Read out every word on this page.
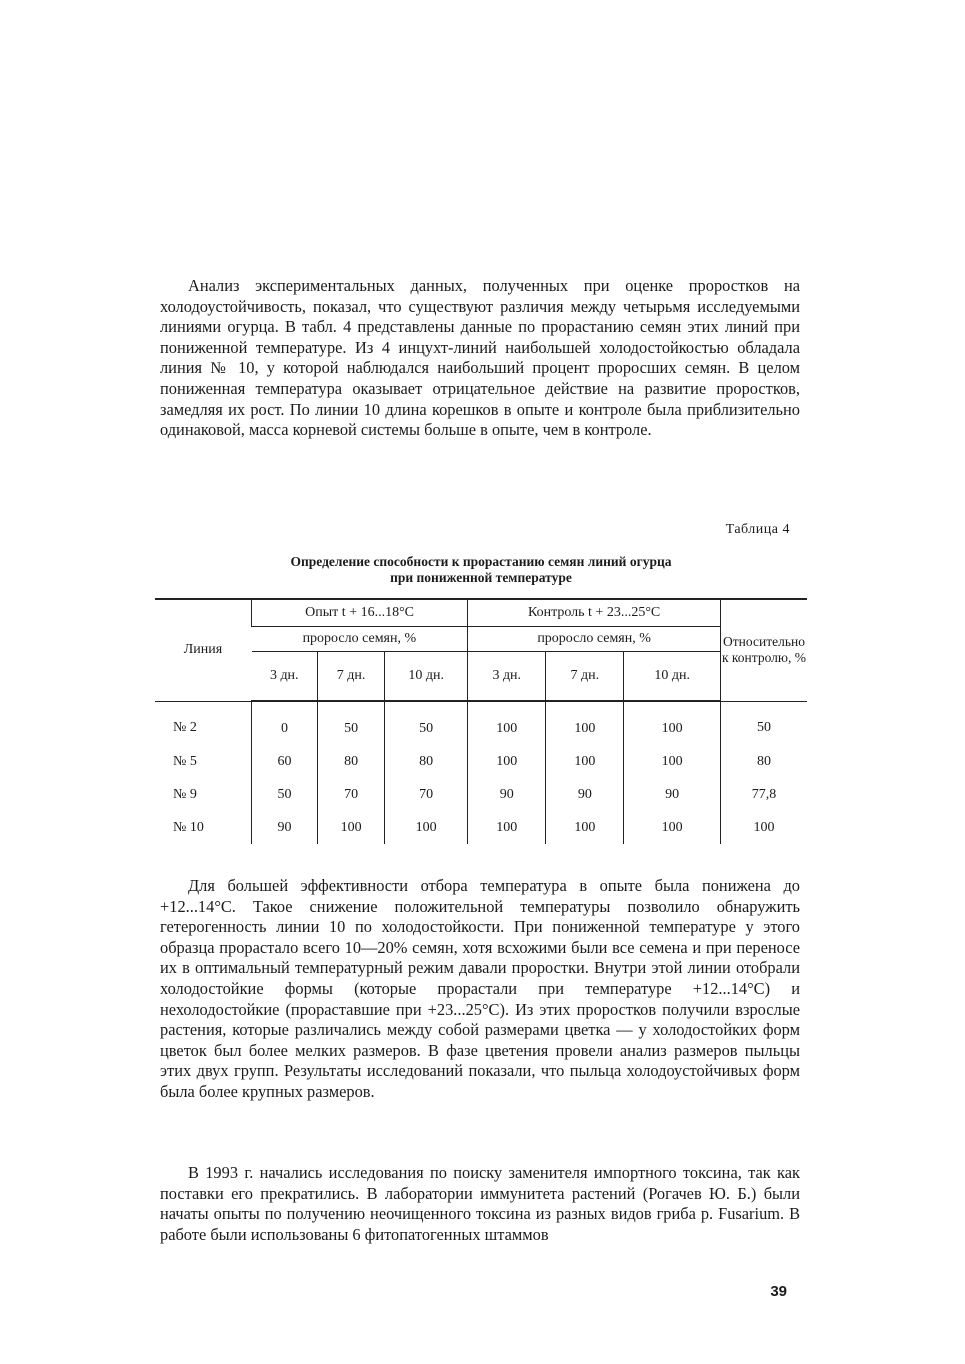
Анализ экспериментальных данных, полученных при оценке проростков на холодоустойчивость, показал, что существуют различия между четырьмя исследуемыми линиями огурца. В табл. 4 представлены данные по прорастанию семян этих линий при пониженной температуре. Из 4 инцухт-линий наибольшей холодостойкостью обладала линия № 10, у которой наблюдался наибольший процент проросших семян. В целом пониженная температура оказывает отрицательное действие на развитие проростков, замедляя их рост. По линии 10 длина корешков в опыте и контроле была приблизительно одинаковой, масса корневой системы больше в опыте, чем в контроле.

Таблица 4
Определение способности к прорастанию семян линий огурца
при пониженной температуре
Линия	Опыт t + 16...18°С			Контроль t + 23...25°С			Относительно к контролю, %
	проросло семян, %			проросло семян, %			
	3 дн.	7 дн.	10 дн.	3 дн.	7 дн.	10 дн.	
№ 2	0	50	50	100	100	100	50
№ 5	60	80	80	100	100	100	80
№ 9	50	70	70	90	90	90	77,8
№ 10	90	100	100	100	100	100	100

Для большей эффективности отбора температура в опыте была понижена до +12...14°С. Такое снижение положительной температуры позволило обнаружить гетерогенность линии 10 по холодостойкости. При пониженной температуре у этого образца прорастало всего 10—20% семян, хотя всхожими были все семена и при переносе их в оптимальный температурный режим давали проростки. Внутри этой линии отобрали холодостойкие формы (которые прорастали при температуре +12...14°С) и нехолодостойкие (прораставшие при +23...25°С). Из этих проростков получили взрослые растения, которые различались между собой размерами цветка — у холодостойких форм цветок был более мелких размеров. В фазе цветения провели анализ размеров пыльцы этих двух групп. Результаты исследований показали, что пыльца холодоустойчивых форм была более крупных размеров.

В 1993 г. начались исследования по поиску заменителя импортного токсина, так как поставки его прекратились. В лаборатории иммунитета растений (Рогачев Ю. Б.) были начаты опыты по получению неочищенного токсина из разных видов гриба p. Fusarium. В работе были использованы 6 фитопатогенных штаммов

39
